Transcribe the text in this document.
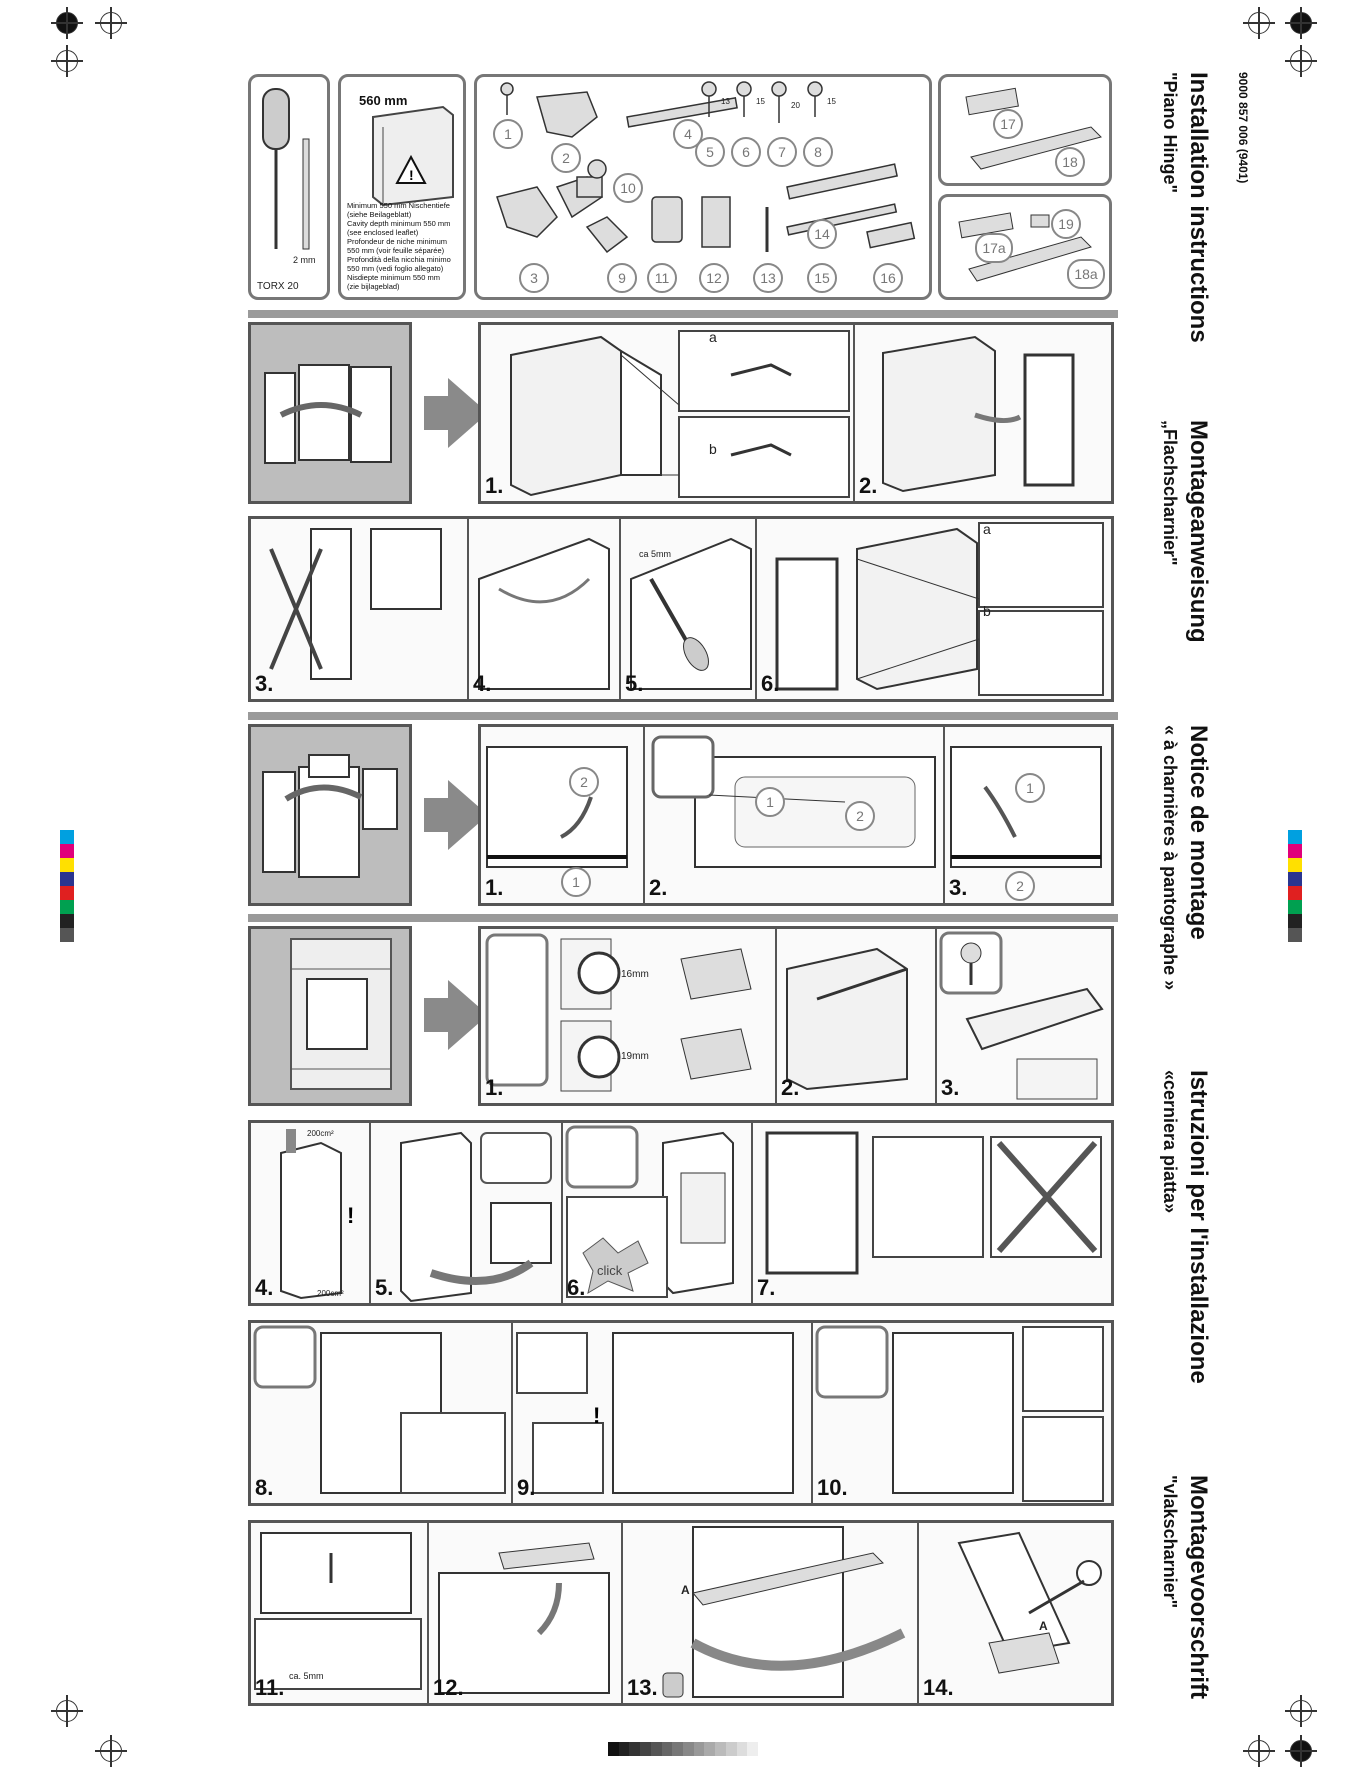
9000 857 006 (9401)
Installation instructions
"Piano Hinge"
Montageanweisung
„Flachscharnier"
Notice de montage
« à charnières à pantographe »
Istruzioni per l'installazione
«cerniera piatta»
Montagevoorschrift
"vlakscharnier"
2 mm
TORX 20
560 mm
!
Minimum 550 mm Nischentiefe
(siehe Beilageblatt)
Cavity depth minimum 550 mm
(see enclosed leaflet)
Profondeur de niche minimum
550 mm (voir feuille séparée)
Profondità della nicchia minimo
550 mm (vedi foglio allegato)
Nisdiepte minimum 550 mm
(zie bijlageblad)
13	15	20	15
1
2
3
4
5	6	7	8
9
10
11	12	13
14
15	16
17
18
19
17a
18a
a
b
1.	2.
3.	4.
ca 5mm
5.
a
b
6.
2
1
1.
1
2
2.
1
2
3.
16mm
19mm
1.	2.	3.
!
200cm²
200cm²
4.	5.
click
6.	7.
8.
!
9.	10.
ca. 5mm
11.	12.
A
13.
A
14.
